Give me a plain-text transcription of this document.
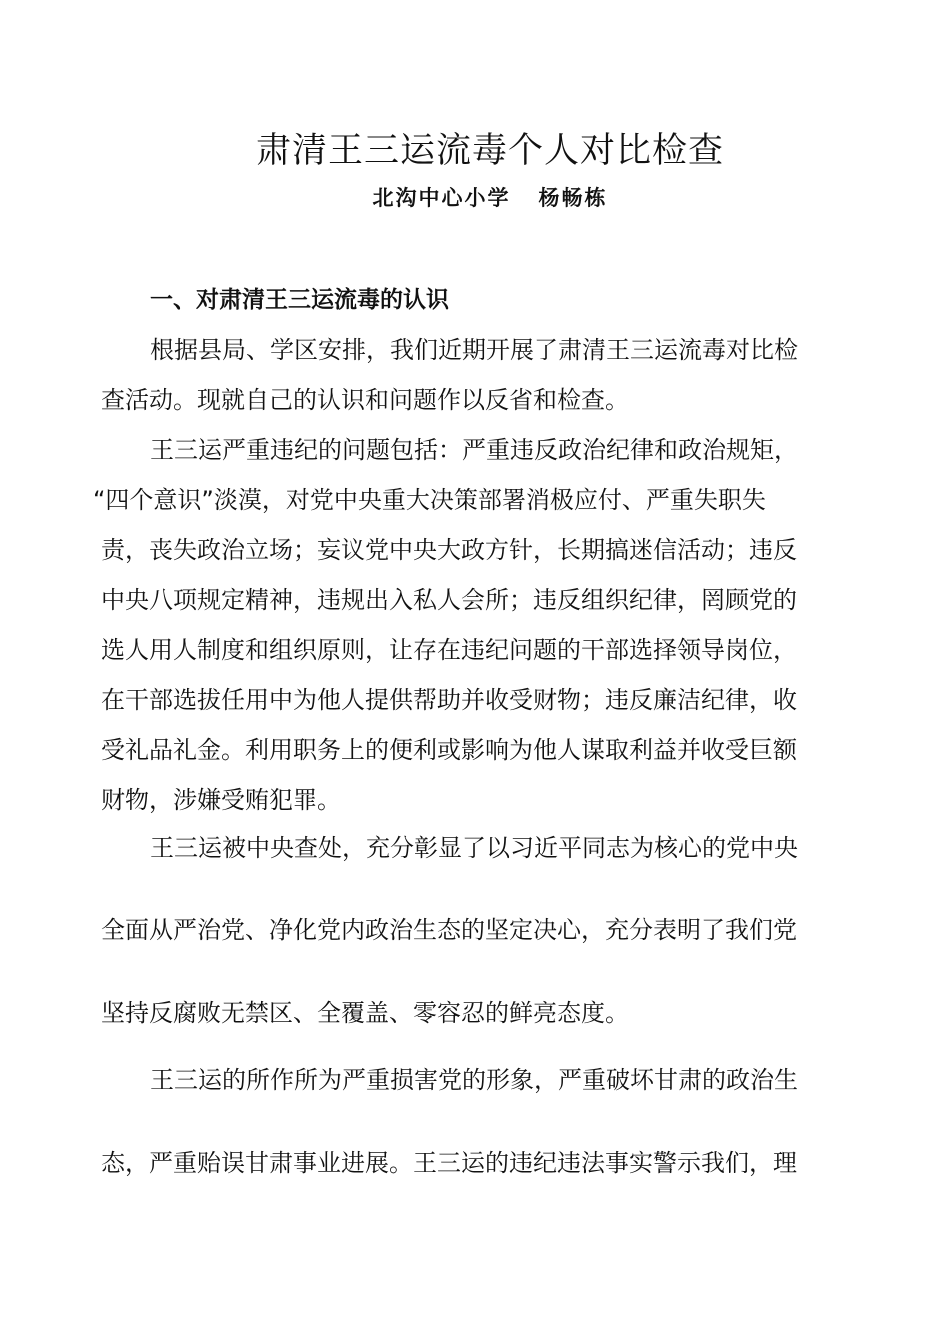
肃清王三运流毒个人对比检查
北沟中心小学   杨畅栋
一、对肃清王三运流毒的认识
根据县局、学区安排，我们近期开展了肃清王三运流毒对比检
查活动。现就自己的认识和问题作以反省和检查。
王三运严重违纪的问题包括：严重违反政治纪律和政治规矩，
“四个意识”淡漠，对党中央重大决策部署消极应付、严重失职失
责，丧失政治立场；妄议党中央大政方针，长期搞迷信活动；违反
中央八项规定精神，违规出入私人会所；违反组织纪律，罔顾党的
选人用人制度和组织原则，让存在违纪问题的干部选择领导岗位，
在干部选拔任用中为他人提供帮助并收受财物；违反廉洁纪律，收
受礼品礼金。利用职务上的便利或影响为他人谋取利益并收受巨额
财物，涉嫌受贿犯罪。
王三运被中央查处，充分彰显了以习近平同志为核心的党中央
全面从严治党、净化党内政治生态的坚定决心，充分表明了我们党
坚持反腐败无禁区、全覆盖、零容忍的鲜亮态度。
王三运的所作所为严重损害党的形象，严重破坏甘肃的政治生
态，严重贻误甘肃事业进展。王三运的违纪违法事实警示我们，理
